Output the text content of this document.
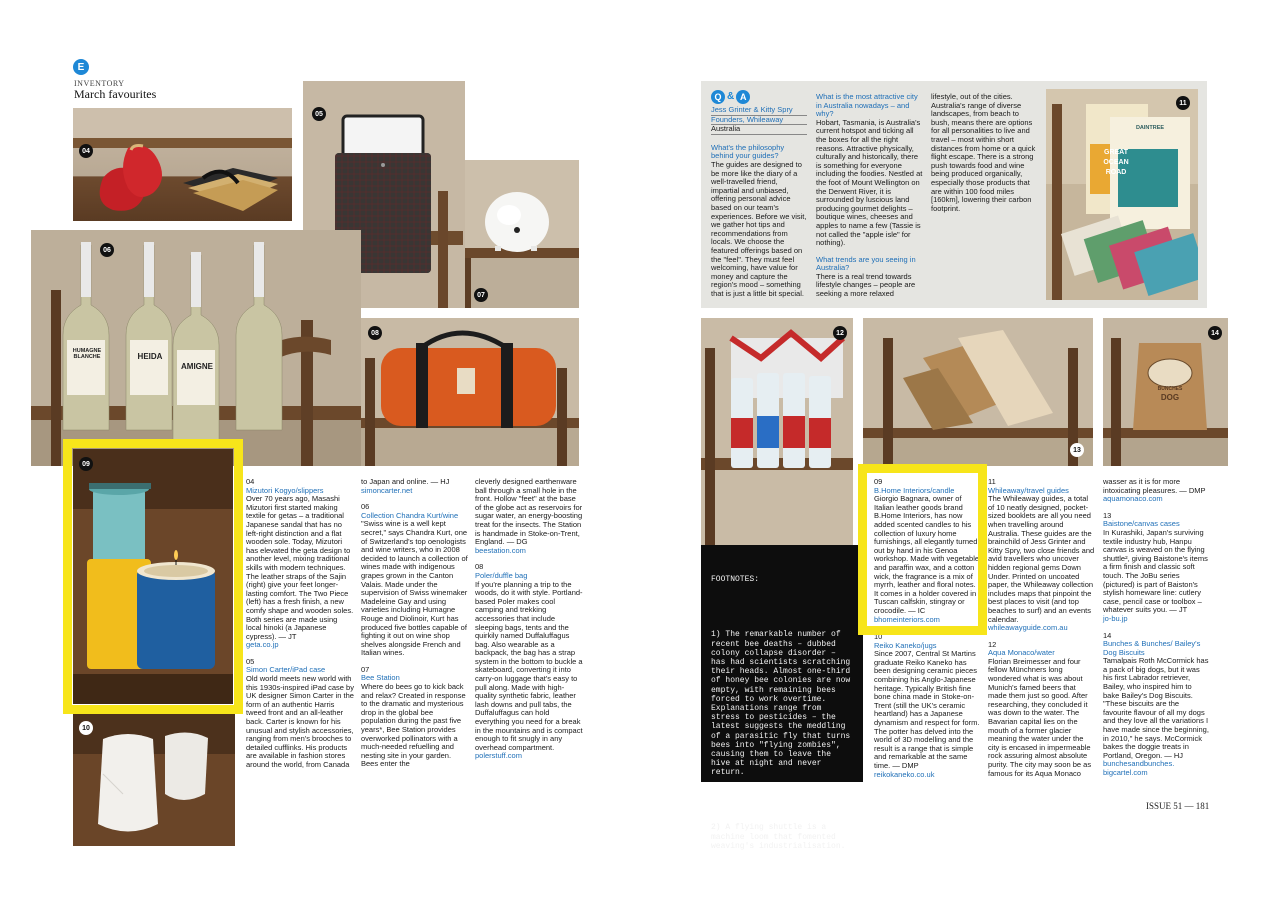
E
INVENTORY
March favourites
04
05
07
HUMAGNE BLANCHE	HEIDA
AMIGNE
06
08
09
10
04
Mizutori Kogyo/slippers
Over 70 years ago, Masashi Mizutori first started making textile for getas – a traditional Japanese sandal that has no left-right distinction and a flat wooden sole. Today, Mizutori has elevated the geta design to another level, mixing traditional skills with modern techniques. The leather straps of the Sajin (right) give your feet longer-lasting comfort. The Two Piece (left) has a fresh finish, a new comfy shape and wooden soles. Both series are made using local hinoki (a Japanese cypress). — JT
geta.co.jp
05
Simon Carter/iPad case
Old world meets new world with this 1930s-inspired iPad case by UK designer Simon Carter in the form of an authentic Harris tweed front and an all-leather back. Carter is known for his unusual and stylish accessories, ranging from men's brooches to detailed cufflinks. His products are available in fashion stores around the world, from Canada
to Japan and online. — HJ
simoncarter.net
06
Collection Chandra Kurt/wine
"Swiss wine is a well kept secret," says Chandra Kurt, one of Switzerland's top oenologists and wine writers, who in 2008 decided to launch a collection of wines made with indigenous grapes grown in the Canton Valais. Made under the supervision of Swiss winemaker Madeleine Gay and using varieties including Humagne Rouge and Diolinoir, Kurt has produced five bottles capable of fighting it out on wine shop shelves alongside French and Italian wines.
07
Bee Station
Where do bees go to kick back and relax? Created in response to the dramatic and mysterious drop in the global bee population during the past five years*, Bee Station provides overworked pollinators with a much-needed refuelling and nesting site in your garden. Bees enter the
cleverly designed earthenware ball through a small hole in the front. Hollow "feet" at the base of the globe act as reservoirs for sugar water, an energy-boosting treat for the insects. The Station is handmade in Stoke-on-Trent, England. — DG
beestation.com
08
Poler/duffle bag
If you're planning a trip to the woods, do it with style. Portland-based Poler makes cool camping and trekking accessories that include sleeping bags, tents and the quirkily named Duffaluffagus bag. Also wearable as a backpack, the bag has a strap system in the bottom to buckle a skateboard, converting it into carry-on luggage that's easy to pull along. Made with high-quality synthetic fabric, leather lash downs and pull tabs, the Duffaluffagus can hold everything you need for a break in the mountains and is compact enough to fit snugly in any overhead compartment.
polerstuff.com
Q & A
Jess Grinter & Kitty Spry
Founders, Whileaway
Australia
What's the philosophy behind your guides?
The guides are designed to be more like the diary of a well-travelled friend, impartial and unbiased, offering personal advice based on our team's experiences. Before we visit, we gather hot tips and recommendations from locals. We choose the featured offerings based on the "feel". They must feel welcoming, have value for money and capture the region's mood – something that is just a little bit special.
What is the most attractive city in Australia nowadays – and why?
Hobart, Tasmania, is Australia's current hotspot and ticking all the boxes for all the right reasons. Attractive physically, culturally and historically, there is something for everyone including the foodies. Nestled at the foot of Mount Wellington on the Derwent River, it is surrounded by luscious land producing gourmet delights – boutique wines, cheeses and apples to name a few (Tassie is not called the "apple isle" for nothing).
What trends are you seeing in Australia?
There is a real trend towards lifestyle changes – people are seeking a more relaxed
lifestyle, out of the cities. Australia's range of diverse landscapes, from beach to bush, means there are options for all personalities to live and travel – most within short distances from home or a quick flight escape. There is a strong push towards food and wine being produced organically, especially those products that are within 100 food miles [160km], lowering their carbon footprint.
DAINTREE
GREAT
OCEAN
ROAD
11
12

FOOTNOTES:

1) The remarkable number of recent bee deaths – dubbed colony collapse disorder – has had scientists scratching their heads. Almost one-third of honey bee colonies are now empty, with remaining bees forced to work overtime. Explanations range from stress to pesticides – the latest suggests the meddling of a parasitic fly that turns bees into "flying zombies", causing them to leave the hive at night and never return.

2) A flying shuttle is a machine loom that fomented weaving's industrialisation.

13
BUNCHES
DOG
14
09
B.Home Interiors/candle
Giorgio Bagnara, owner of Italian leather goods brand B.Home Interiors, has now added scented candles to his collection of luxury home furnishings, all elegantly turned out by hand in his Genoa workshop. Made with vegetable and paraffin wax, and a cotton wick, the fragrance is a mix of myrrh, leather and floral notes. It comes in a holder covered in Tuscan calfskin, stingray or crocodile. — IC
bhomeinteriors.com
10
Reiko Kaneko/jugs
Since 2007, Central St Martins graduate Reiko Kaneko has been designing ceramic pieces combining his Anglo-Japanese heritage. Typically British fine bone china made in Stoke-on-Trent (still the UK's ceramic heartland) has a Japanese dynamism and respect for form. The potter has delved into the world of 3D modelling and the result is a range that is simple and remarkable at the same time. — DMP
reikokaneko.co.uk
11
Whileaway/travel guides
The Whileaway guides, a total of 10 neatly designed, pocket-sized booklets are all you need when travelling around Australia. These guides are the brainchild of Jess Grinter and Kitty Spry, two close friends and avid travellers who uncover hidden regional gems Down Under. Printed on uncoated paper, the Whileaway collection includes maps that pinpoint the best places to visit (and top beaches to surf) and an events calendar.
whileawayguide.com.au
12
Aqua Monaco/water
Florian Breimesser and four fellow Münchners long wondered what is was about Munich's famed beers that made them just so good. After researching, they concluded it was down to the water. The Bavarian capital lies on the mouth of a former glacier meaning the water under the city is encased in impermeable rock assuring almost absolute purity. The city may soon be as famous for its Aqua Monaco
wasser as it is for more intoxicating pleasures. — DMP
aquamonaco.com
13
Baistone/canvas cases
In Kurashiki, Japan's surviving textile industry hub, Hanpu canvas is weaved on the flying shuttle², giving Baistone's items a firm finish and classic soft touch. The JoBu series (pictured) is part of Baiston's stylish homeware line: cutlery case, pencil case or toolbox – whatever suits you. — JT
jo-bu.jp
14
Bunches & Bunches/ Bailey's Dog Biscuits
Tamalpais Roth McCormick has a pack of big dogs, but it was his first Labrador retriever, Bailey, who inspired him to bake Bailey's Dog Biscuits. "These biscuits are the favourite flavour of all my dogs and they love all the variations I have made since the beginning, in 2010," he says. McCormick bakes the doggie treats in Portland, Oregon. — HJ
bunchesandbunches. bigcartel.com
ISSUE 51 — 181
